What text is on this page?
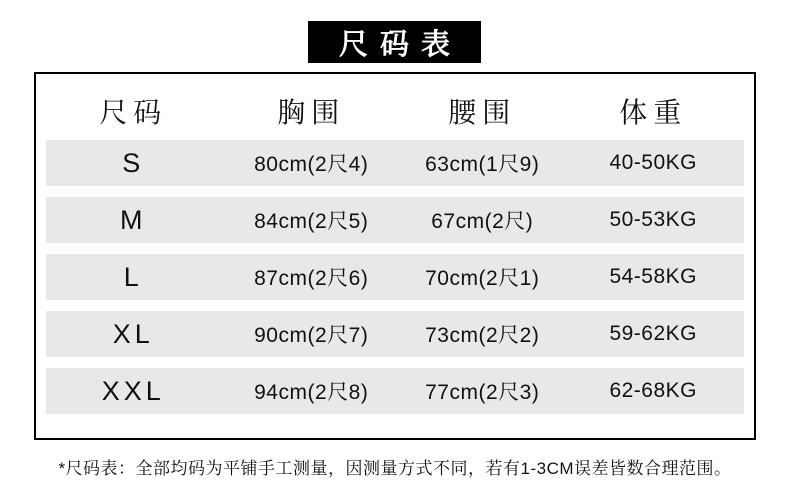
尺码表
尺码	胸围	腰围	体重
S	80cm(2尺4)	63cm(1尺9)	40-50KG
M	84cm(2尺5)	67cm(2尺)	50-53KG
L	87cm(2尺6)	70cm(2尺1)	54-58KG
XL	90cm(2尺7)	73cm(2尺2)	59-62KG
XXL	94cm(2尺8)	77cm(2尺3)	62-68KG
*尺码表：全部均码为平铺手工测量，因测量方式不同，若有1-3CM误差皆数合理范围。
